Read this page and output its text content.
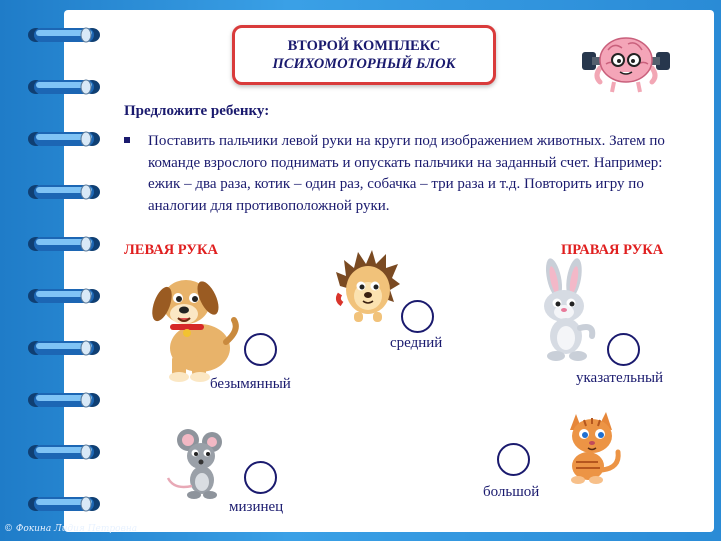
ВТОРОЙ КОМПЛЕКС
ПСИХОМОТОРНЫЙ БЛОК
Предложите ребенку:
Поставить пальчики левой руки на круги под изображением животных. Затем по команде взрослого поднимать и опускать пальчики на заданный счет. Например: ежик – два раза, котик – один раз, собачка – три раза и т.д. Повторить игру по аналогии для противоположной руки.
ЛЕВАЯ РУКА	ПРАВАЯ РУКА
безымянный
средний
указательный
мизинец
большой
© Фокина Лидия Петровна
